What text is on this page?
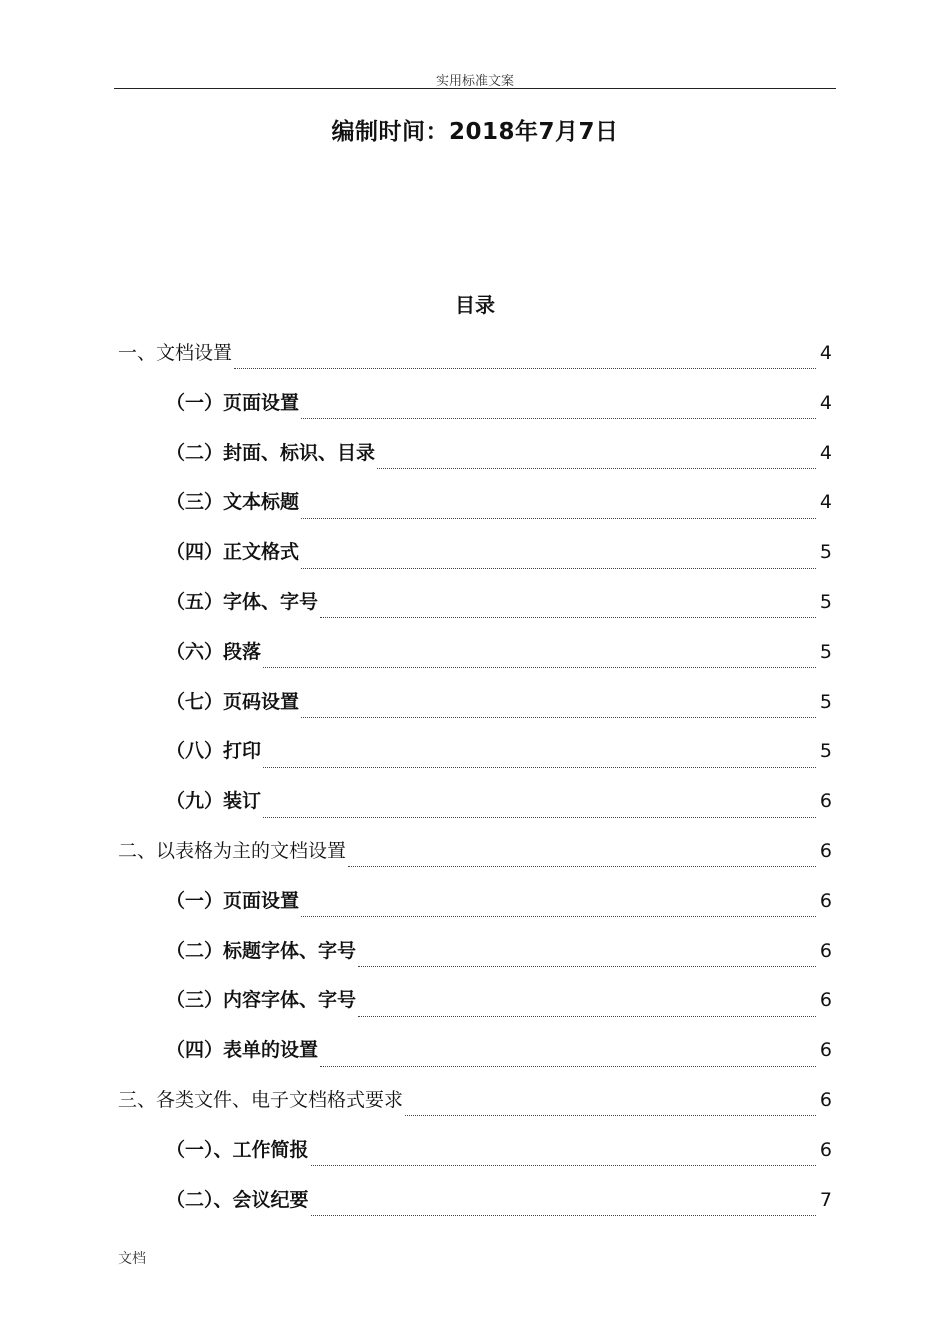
实用标准文案
编制时间：2018年7月7日
目录
一、文档设置	4
（一）页面设置	4
（二）封面、标识、目录	4
（三）文本标题	4
（四）正文格式	5
（五）字体、字号	5
（六）段落	5
（七）页码设置	5
（八）打印	5
（九）装订	6
二、以表格为主的文档设置	6
（一）页面设置	6
（二）标题字体、字号	6
（三）内容字体、字号	6
（四）表单的设置	6
三、各类文件、电子文档格式要求	6
（一）、工作简报	6
（二）、会议纪要	7
文档
